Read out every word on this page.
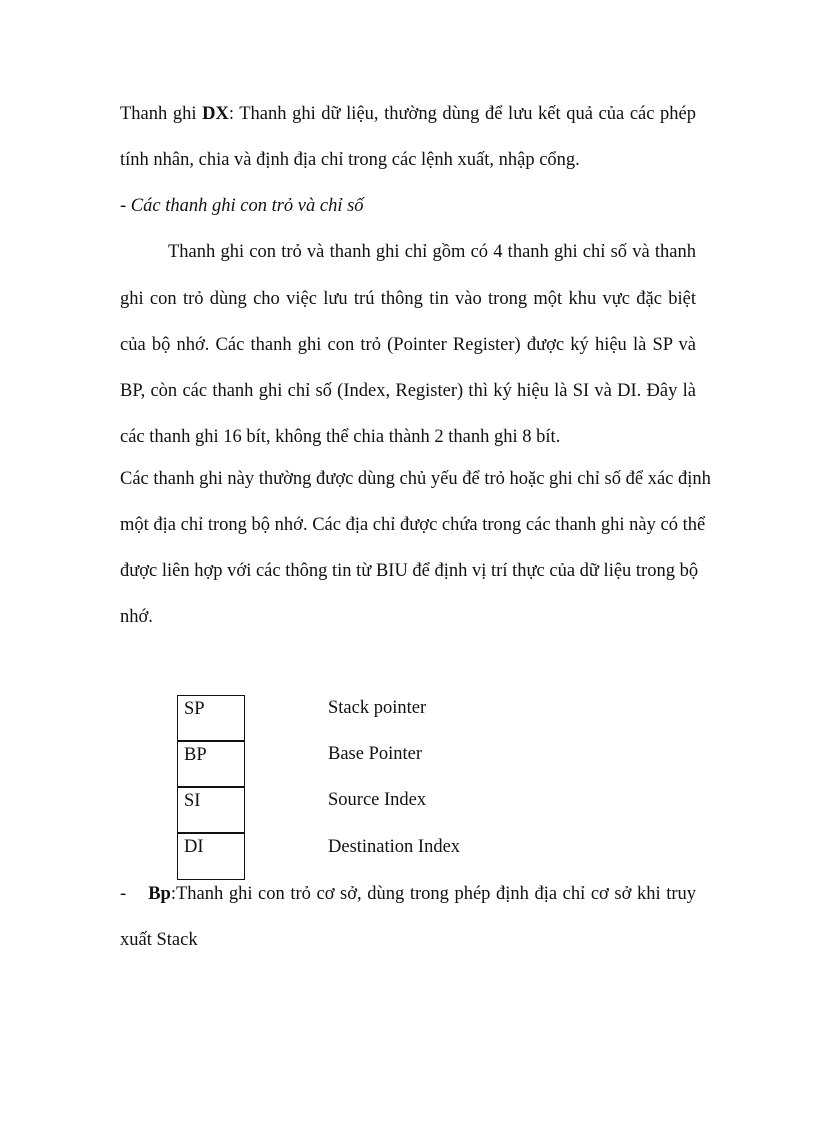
Thanh ghi DX: Thanh ghi dữ liệu, thường dùng để lưu kết quả của các phép
tính nhân, chia và định địa chỉ trong các lệnh xuất, nhập cổng.
- Các thanh ghi con trỏ và chỉ số
Thanh ghi con trỏ và thanh ghi chỉ gồm có 4 thanh ghi chỉ số và thanh
ghi con trỏ dùng cho việc lưu trú thông tin vào trong một khu vực đặc biệt
của bộ nhớ. Các thanh ghi con trỏ (Pointer Register) được ký hiệu là SP và
BP, còn các thanh ghi chỉ số (Index, Register) thì ký hiệu là SI và DI. Đây là
các thanh ghi 16 bít, không thể chia thành 2 thanh ghi 8 bít.
Các thanh ghi này thường được dùng chủ yếu để trỏ hoặc ghi chỉ số để xác định
một địa chỉ trong bộ nhớ. Các địa chỉ được chứa trong các thanh ghi này có thể
được liên hợp với các thông tin từ BIU để định vị trí thực của dữ liệu trong bộ
nhớ.
SP	Stack pointer
BP	Base Pointer
SI	Source Index
DI	Destination Index
- Bp:Thanh ghi con trỏ cơ sở, dùng trong phép định địa chỉ cơ sở khi truy
xuất Stack
